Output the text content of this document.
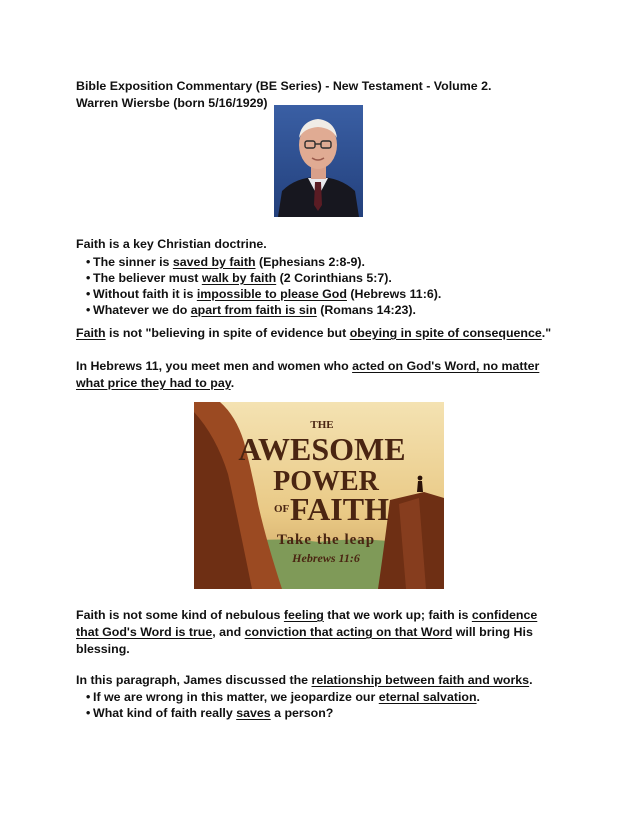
Bible Exposition Commentary (BE Series) - New Testament - Volume 2.
Warren Wiersbe (born 5/16/1929)
Faith is a key Christian doctrine.
• The sinner is saved by faith (Ephesians 2:8-9).
• The believer must walk by faith (2 Corinthians 5:7).
• Without faith it is impossible to please God (Hebrews 11:6).
• Whatever we do apart from faith is sin (Romans 14:23).
Faith is not "believing in spite of evidence but obeying in spite of consequence."
In Hebrews 11, you meet men and women who acted on God's Word, no matter
what price they had to pay.
THE
AWESOME
POWER
OF FAITH
Take the leap
Hebrews 11:6
Faith is not some kind of nebulous feeling that we work up; faith is confidence
that God's Word is true, and conviction that acting on that Word will bring His
blessing.
In this paragraph, James discussed the relationship between faith and works.
• If we are wrong in this matter, we jeopardize our eternal salvation.
• What kind of faith really saves a person?
